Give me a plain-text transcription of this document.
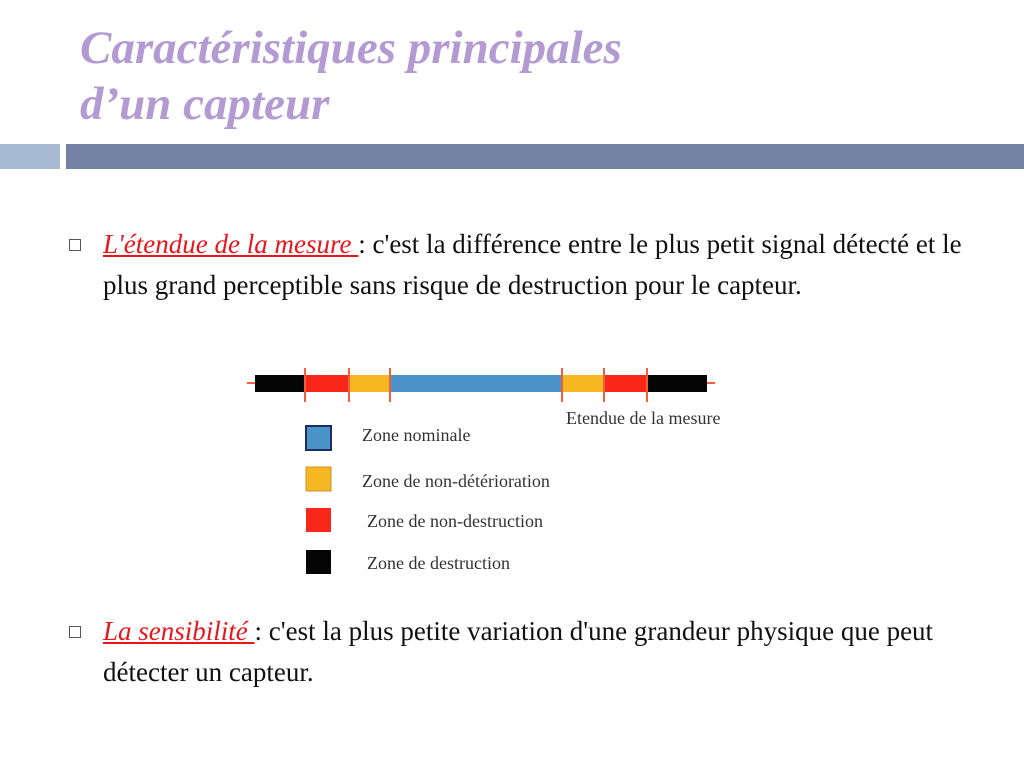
Caractéristiques principales
d’un capteur
L'étendue de la mesure : c'est la différence entre le plus petit signal détecté et le plus grand perceptible sans risque de destruction pour le capteur.
Etendue de la mesure
Zone nominale
Zone de non-détérioration
Zone de non-destruction
Zone de destruction
La sensibilité : c'est la plus petite variation d'une grandeur physique que peut détecter un capteur.
